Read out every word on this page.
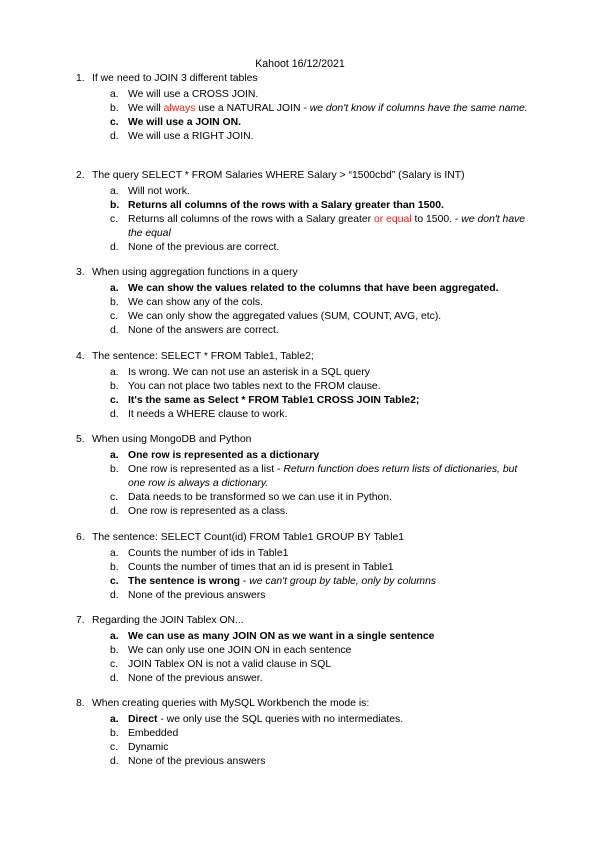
Kahoot 16/12/2021
1. If we need to JOIN 3 different tables
a. We will use a CROSS JOIN.
b. We will always use a NATURAL JOIN - we don't know if columns have the same name.
c. We will use a JOIN ON.
d. We will use a RIGHT JOIN.
2. The query SELECT * FROM Salaries WHERE Salary > “1500cbd” (Salary is INT)
a. Will not work.
b. Returns all columns of the rows with a Salary greater than 1500.
c. Returns all columns of the rows with a Salary greater or equal to 1500. - we don't have the equal
d. None of the previous are correct.
3. When using aggregation functions in a query
a. We can show the values related to the columns that have been aggregated.
b. We can show any of the cols.
c. We can only show the aggregated values (SUM, COUNT, AVG, etc).
d. None of the answers are correct.
4. The sentence: SELECT * FROM Table1, Table2;
a. Is wrong. We can not use an asterisk in a SQL query
b. You can not place two tables next to the FROM clause.
c. It's the same as Select * FROM Table1 CROSS JOIN Table2;
d. It needs a WHERE clause to work.
5. When using MongoDB and Python
a. One row is represented as a dictionary
b. One row is represented as a list - Return function does return lists of dictionaries, but one row is always a dictionary.
c. Data needs to be transformed so we can use it in Python.
d. One row is represented as a class.
6. The sentence: SELECT Count(id) FROM Table1 GROUP BY Table1
a. Counts the number of ids in Table1
b. Counts the number of times that an id is present in Table1
c. The sentence is wrong - we can't group by table, only by columns
d. None of the previous answers
7. Regarding the JOIN Tablex ON...
a. We can use as many JOIN ON as we want in a single sentence
b. We can only use one JOIN ON in each sentence
c. JOIN Tablex ON is not a valid clause in SQL
d. None of the previous answer.
8. When creating queries with MySQL Workbench the mode is:
a. Direct - we only use the SQL queries with no intermediates.
b. Embedded
c. Dynamic
d. None of the previous answers
